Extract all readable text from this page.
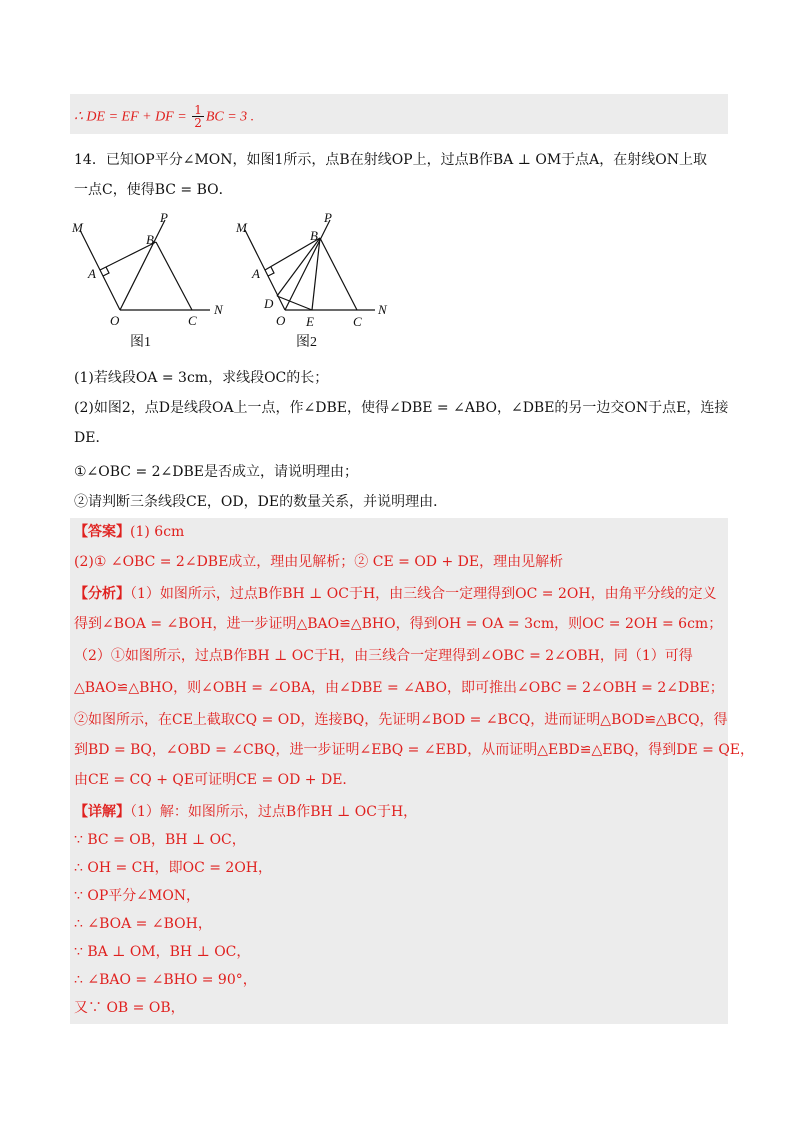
∴ DE = EF + DF = $\frac{1}{2}$ BC = 3 .
14．已知OP平分∠MON，如图1所示，点B在射线OP上，过点B作BA ⊥ OM于点A，在射线ON上取
一点C，使得BC = BO．
M
P
B
A
O	C
N
M
P
B
A
D
O E	C
N
图1	图2
(1)若线段OA = 3cm，求线段OC的长；
(2)如图2，点D是线段OA上一点，作∠DBE，使得∠DBE = ∠ABO，∠DBE的另一边交ON于点E，连接
DE．
①∠OBC = 2∠DBE是否成立，请说明理由；
②请判断三条线段CE，OD，DE的数量关系，并说明理由．
【答案】(1) 6cm
(2)① ∠OBC = 2∠DBE成立，理由见解析；② CE = OD + DE，理由见解析
【分析】（1）如图所示，过点B作BH ⊥ OC于H，由三线合一定理得到OC = 2OH，由角平分线的定义
得到∠BOA = ∠BOH，进一步证明△BAO≌△BHO，得到OH = OA = 3cm，则OC = 2OH = 6cm；
（2）①如图所示，过点B作BH ⊥ OC于H，由三线合一定理得到∠OBC = 2∠OBH，同（1）可得
△BAO≌△BHO，则∠OBH = ∠OBA，由∠DBE = ∠ABO，即可推出∠OBC = 2∠OBH = 2∠DBE；
②如图所示，在CE上截取CQ = OD，连接BQ，先证明∠BOD = ∠BCQ，进而证明△BOD≌△BCQ，得
到BD = BQ，∠OBD = ∠CBQ，进一步证明∠EBQ = ∠EBD，从而证明△EBD≌△EBQ，得到DE = QE，
由CE = CQ + QE可证明CE = OD + DE．
【详解】（1）解：如图所示，过点B作BH ⊥ OC于H，
∵ BC = OB，BH ⊥ OC，
∴ OH = CH，即OC = 2OH，
∵ OP平分∠MON，
∴ ∠BOA = ∠BOH，
∵ BA ⊥ OM，BH ⊥ OC，
∴ ∠BAO = ∠BHO = 90°，
又∵ OB = OB，
